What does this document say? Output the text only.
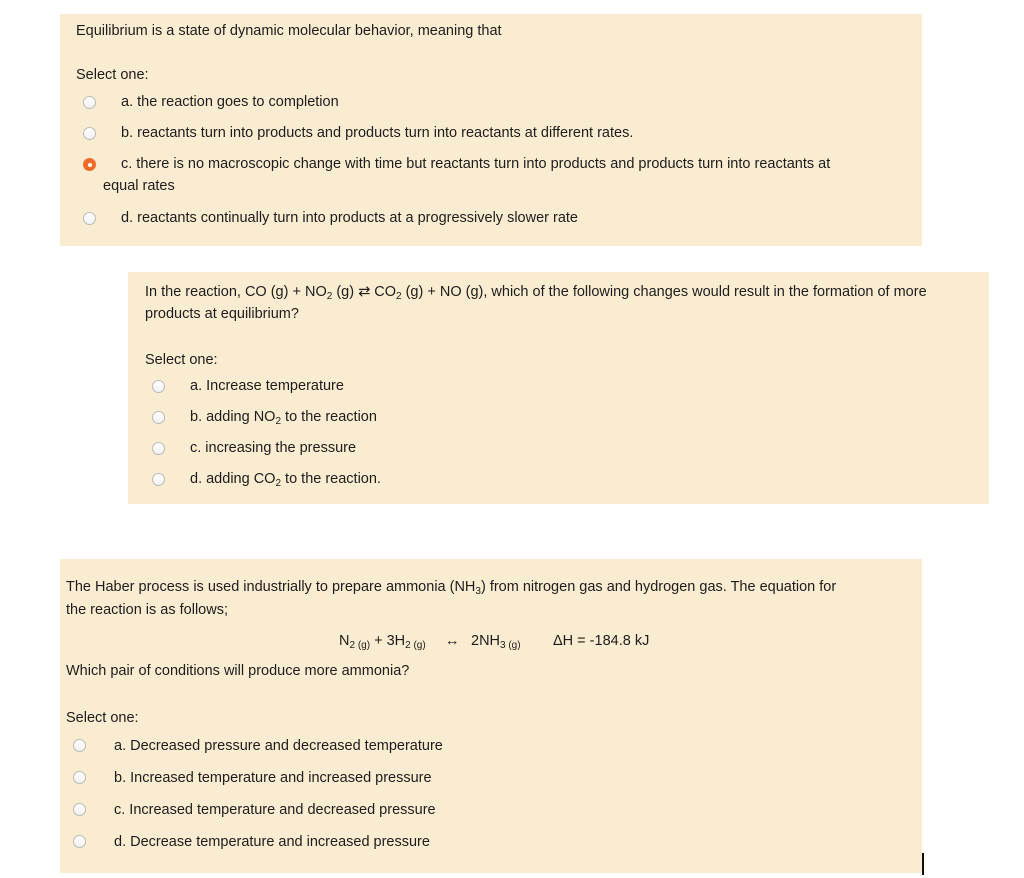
Equilibrium is a state of dynamic molecular behavior, meaning that
Select one:
a. the reaction goes to completion
b. reactants turn into products and products turn into reactants at different rates.
c. there is no macroscopic change with time but reactants turn into products and products turn into reactants at
equal rates
d. reactants continually turn into products at a progressively slower rate
In the reaction, CO $(g) + NO_2$ (g) ⇄ $CO_2$ (g) + NO (g), which of the following changes would result in the formation of more
products at equilibrium?
Select one:
a. Increase temperature
b. adding $NO_2$ to the reaction
c. increasing the pressure
d. adding $CO_2$ to the reaction.
The Haber process is used industrially to prepare ammonia $(NH_3)$ from nitrogen gas and hydrogen gas. The equation for
the reaction is as follows;
$N_{2 (g)} + 3H_{2 (g)}$ ↔ $2NH_{3 (g)}$ ΔH = -184.8 kJ
Which pair of conditions will produce more ammonia?
Select one:
a. Decreased pressure and decreased temperature
b. Increased temperature and increased pressure
c. Increased temperature and decreased pressure
d. Decrease temperature and increased pressure
